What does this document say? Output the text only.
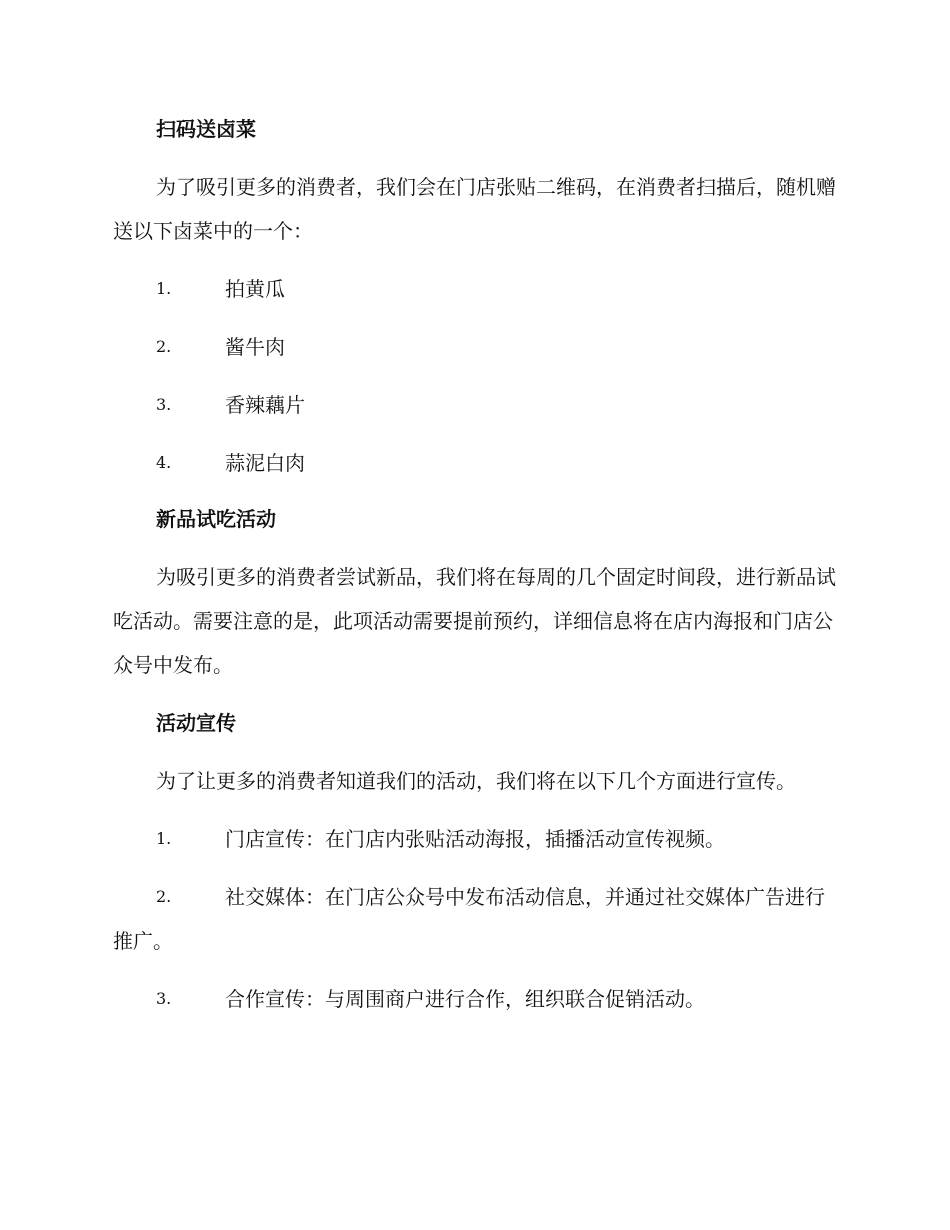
扫码送卤菜

为了吸引更多的消费者，我们会在门店张贴二维码，在消费者扫描后，随机赠送以下卤菜中的一个：

1.	拍黄瓜
2.	酱牛肉
3.	香辣藕片
4.	蒜泥白肉
新品试吃活动

为吸引更多的消费者尝试新品，我们将在每周的几个固定时间段，进行新品试吃活动。需要注意的是，此项活动需要提前预约，详细信息将在店内海报和门店公众号中发布。

活动宣传

为了让更多的消费者知道我们的活动，我们将在以下几个方面进行宣传。

1.	门店宣传：在门店内张贴活动海报，插播活动宣传视频。
2.	社交媒体：在门店公众号中发布活动信息，并通过社交媒体广告进行推广。
3.	合作宣传：与周围商户进行合作，组织联合促销活动。
